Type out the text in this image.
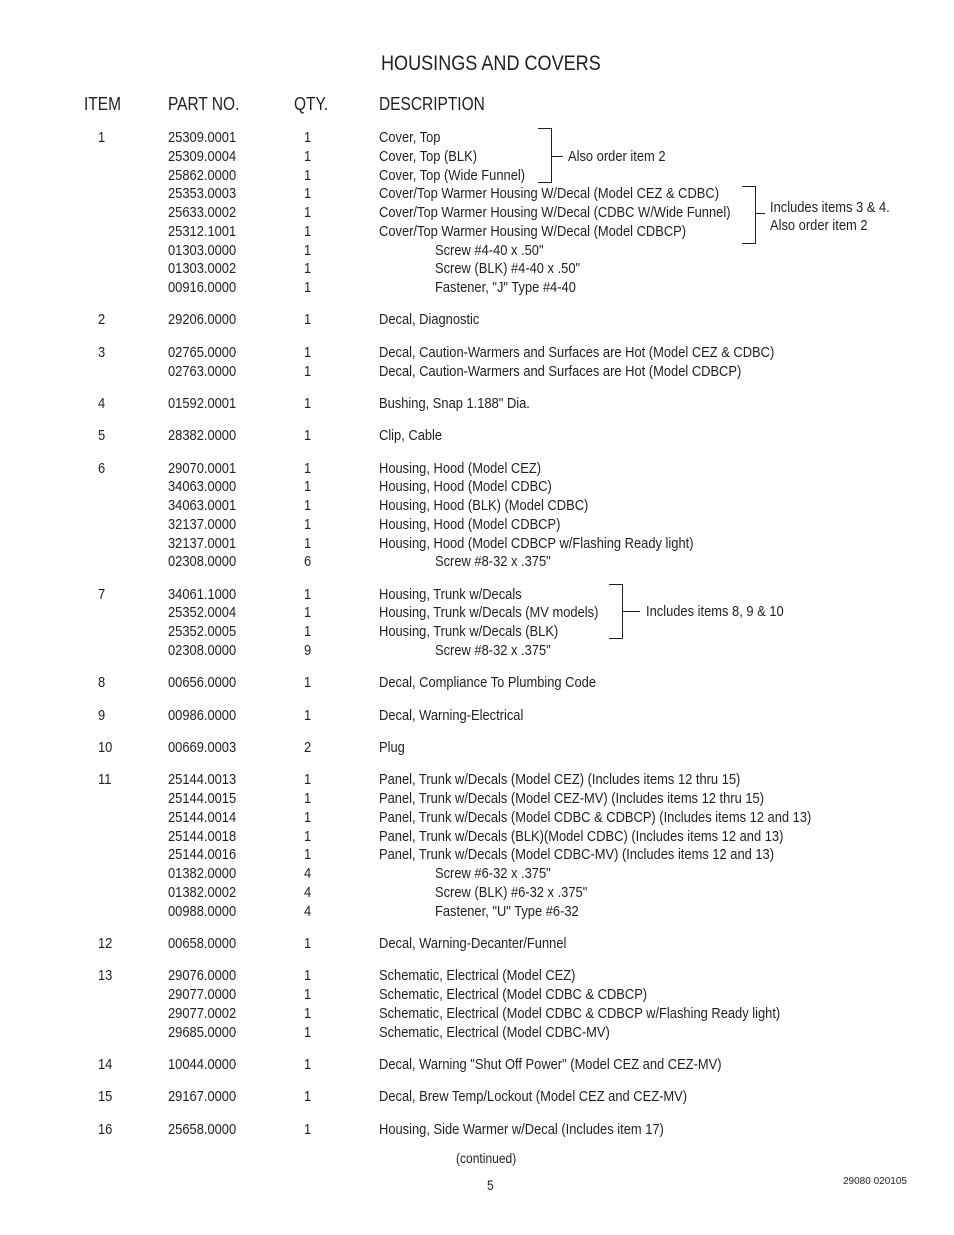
HOUSINGS AND COVERS
ITEM	PART NO.	QTY.	DESCRIPTION
1	25309.0001	1	Cover, Top
25309.0004	1	Cover, Top (BLK)
25862.0000	1	Cover, Top (Wide Funnel)
25353.0003	1	Cover/Top Warmer Housing W/Decal (Model CEZ & CDBC)
25633.0002	1	Cover/Top Warmer Housing W/Decal (CDBC W/Wide Funnel)
25312.1001	1	Cover/Top Warmer Housing W/Decal (Model CDBCP)
01303.0000	1	Screw #4-40 x .50"
01303.0002	1	Screw (BLK) #4-40 x .50"
00916.0000	1	Fastener, "J" Type #4-40
2	29206.0000	1	Decal, Diagnostic
3	02765.0000	1	Decal, Caution-Warmers and Surfaces are Hot (Model CEZ & CDBC)
02763.0000	1	Decal, Caution-Warmers and Surfaces are Hot (Model CDBCP)
4	01592.0001	1	Bushing, Snap 1.188" Dia.
5	28382.0000	1	Clip, Cable
6	29070.0001	1	Housing, Hood (Model CEZ)
34063.0000	1	Housing, Hood (Model CDBC)
34063.0001	1	Housing, Hood (BLK) (Model CDBC)
32137.0000	1	Housing, Hood (Model CDBCP)
32137.0001	1	Housing, Hood (Model CDBCP w/Flashing Ready light)
02308.0000	6	Screw #8-32 x .375"
7	34061.1000	1	Housing, Trunk w/Decals
25352.0004	1	Housing, Trunk w/Decals (MV models)
25352.0005	1	Housing, Trunk w/Decals (BLK)
02308.0000	9	Screw #8-32 x .375"
8	00656.0000	1	Decal, Compliance To Plumbing Code
9	00986.0000	1	Decal, Warning-Electrical
10	00669.0003	2	Plug
11	25144.0013	1	Panel, Trunk w/Decals (Model CEZ) (Includes items 12 thru 15)
25144.0015	1	Panel, Trunk w/Decals (Model CEZ-MV) (Includes items 12 thru 15)
25144.0014	1	Panel, Trunk w/Decals (Model CDBC & CDBCP) (Includes items 12 and 13)
25144.0018	1	Panel, Trunk w/Decals (BLK)(Model CDBC) (Includes items 12 and 13)
25144.0016	1	Panel, Trunk w/Decals (Model CDBC-MV) (Includes items 12 and 13)
01382.0000	4	Screw #6-32 x .375"
01382.0002	4	Screw (BLK) #6-32 x .375"
00988.0000	4	Fastener, "U" Type #6-32
12	00658.0000	1	Decal, Warning-Decanter/Funnel
13	29076.0000	1	Schematic, Electrical (Model CEZ)
29077.0000	1	Schematic, Electrical (Model CDBC & CDBCP)
29077.0002	1	Schematic, Electrical (Model CDBC & CDBCP w/Flashing Ready light)
29685.0000	1	Schematic, Electrical (Model CDBC-MV)
14	10044.0000	1	Decal, Warning "Shut Off Power" (Model CEZ and CEZ-MV)
15	29167.0000	1	Decal, Brew Temp/Lockout (Model CEZ and CEZ-MV)
16	25658.0000	1	Housing, Side Warmer w/Decal (Includes item 17)
Also order item 2
Includes items 3 & 4.
Also order item 2
Includes items 8, 9 & 10
(continued)
5	29080 020105
